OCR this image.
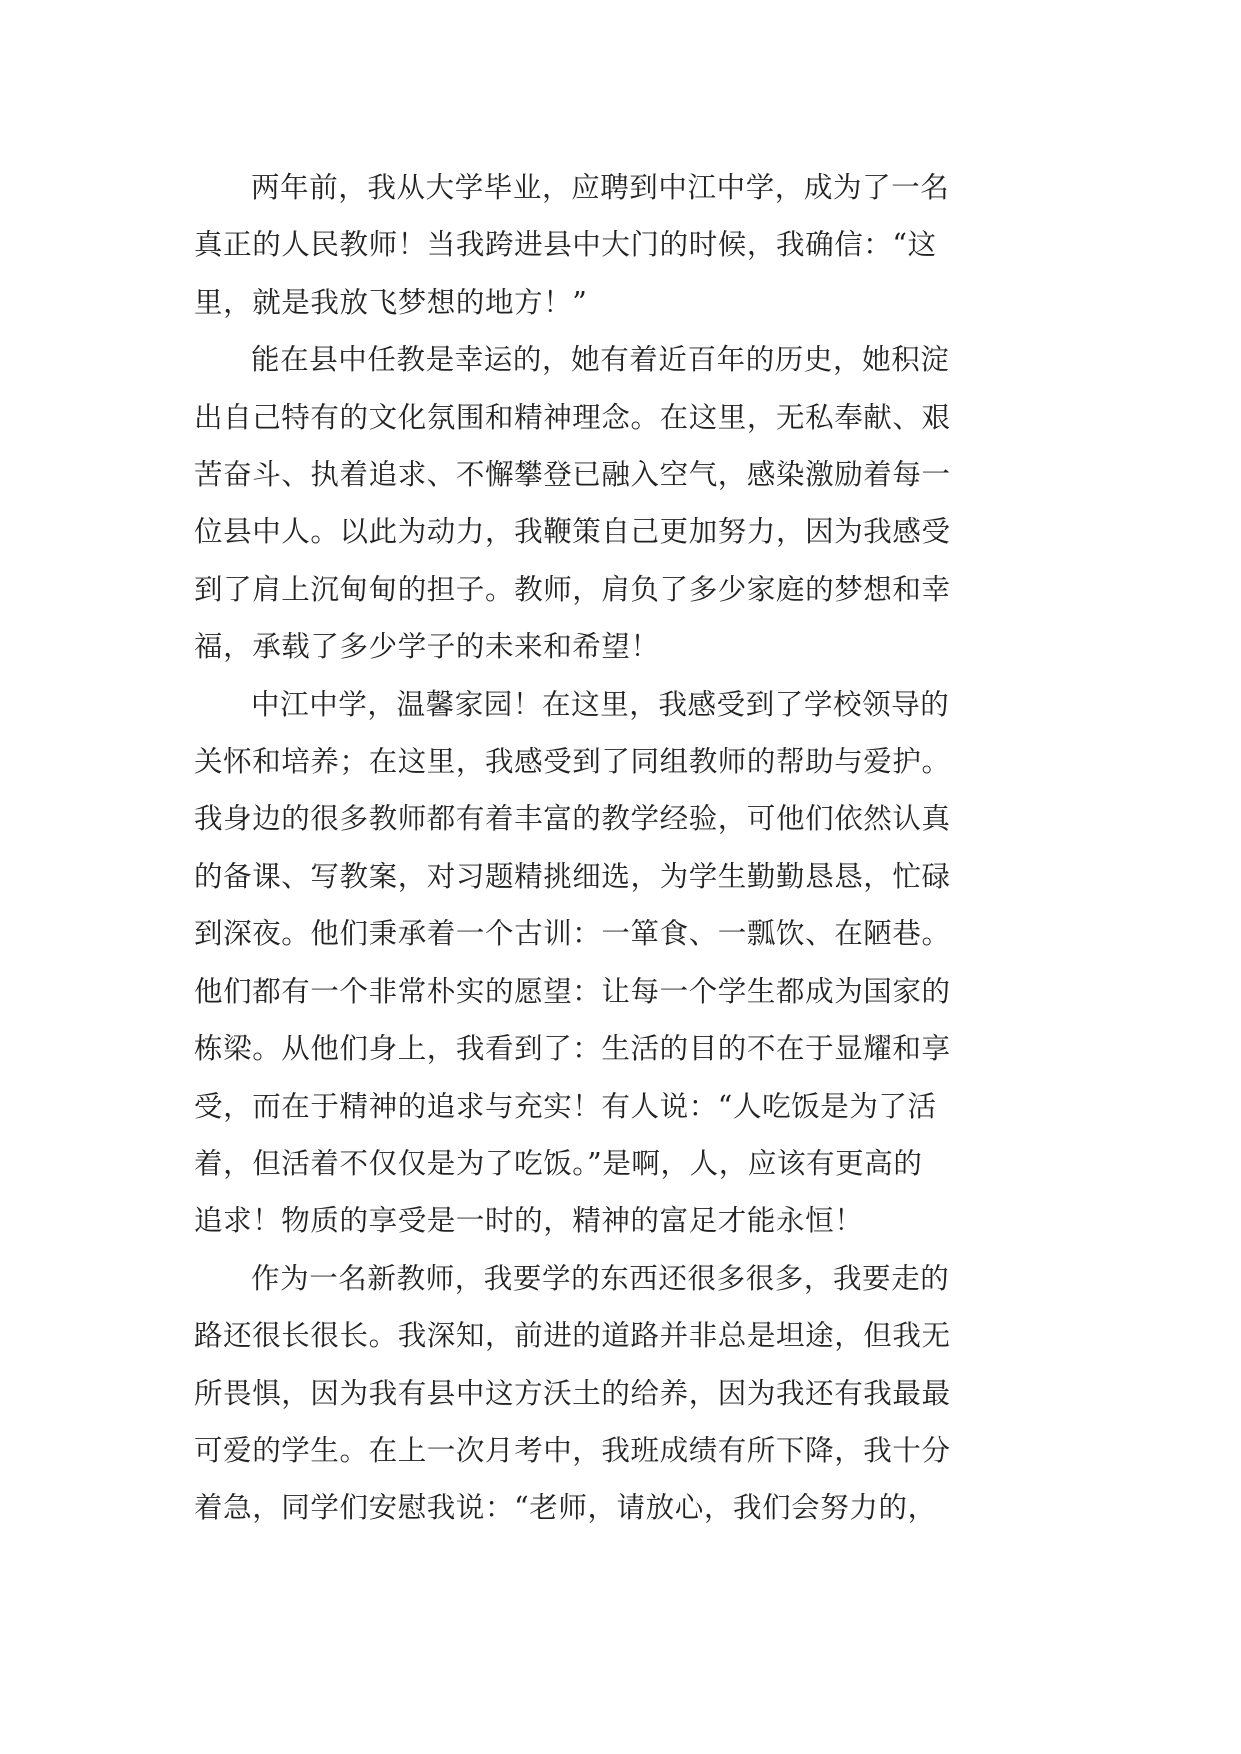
两年前，我从大学毕业，应聘到中江中学，成为了一名
真正的人民教师！当我跨进县中大门的时候，我确信：“这
里，就是我放飞梦想的地方！”
能在县中任教是幸运的，她有着近百年的历史，她积淀
出自己特有的文化氛围和精神理念。在这里，无私奉献、艰
苦奋斗、执着追求、不懈攀登已融入空气，感染激励着每一
位县中人。以此为动力，我鞭策自己更加努力，因为我感受
到了肩上沉甸甸的担子。教师，肩负了多少家庭的梦想和幸
福，承载了多少学子的未来和希望！
中江中学，温馨家园！在这里，我感受到了学校领导的
关怀和培养；在这里，我感受到了同组教师的帮助与爱护。
我身边的很多教师都有着丰富的教学经验，可他们依然认真
的备课、写教案，对习题精挑细选，为学生勤勤恳恳，忙碌
到深夜。他们秉承着一个古训：一箪食、一瓢饮、在陋巷。
他们都有一个非常朴实的愿望：让每一个学生都成为国家的
栋梁。从他们身上，我看到了：生活的目的不在于显耀和享
受，而在于精神的追求与充实！有人说：“人吃饭是为了活
着，但活着不仅仅是为了吃饭。”是啊，人，应该有更高的
追求！物质的享受是一时的，精神的富足才能永恒！
作为一名新教师，我要学的东西还很多很多，我要走的
路还很长很长。我深知，前进的道路并非总是坦途，但我无
所畏惧，因为我有县中这方沃土的给养，因为我还有我最最
可爱的学生。在上一次月考中，我班成绩有所下降，我十分
着急，同学们安慰我说：“老师，请放心，我们会努力的，
